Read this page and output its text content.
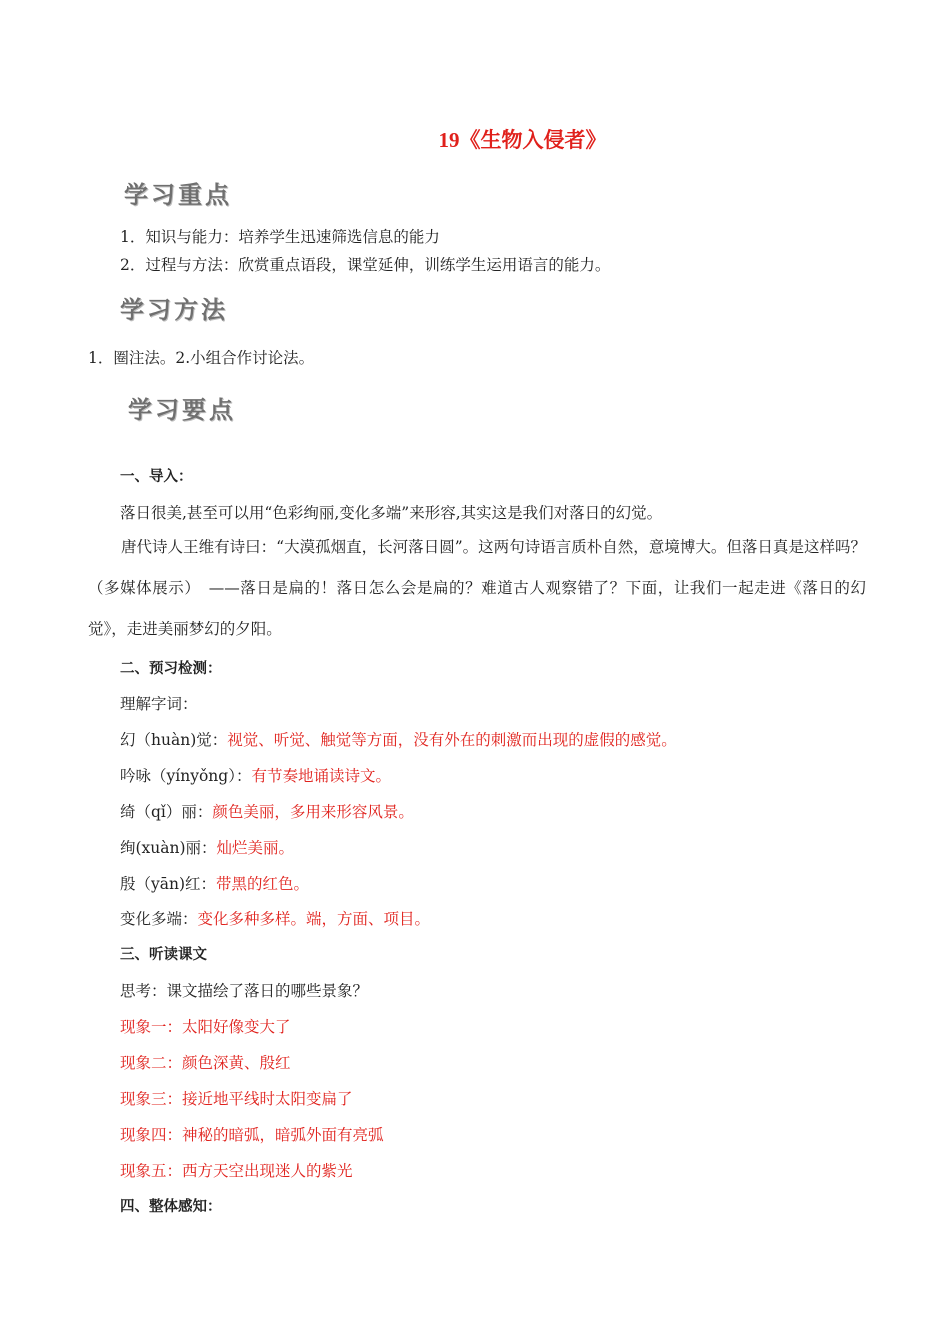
19《生物入侵者》
学习重点
1．知识与能力：培养学生迅速筛选信息的能力
2．过程与方法：欣赏重点语段，课堂延伸，训练学生运用语言的能力。
学习方法
1．圈注法。2.小组合作讨论法。
学习要点
一、导入：
落日很美,甚至可以用“色彩绚丽,变化多端”来形容,其实这是我们对落日的幻觉。
唐代诗人王维有诗曰：“大漠孤烟直，长河落日圆”。这两句诗语言质朴自然，意境博大。但落日真是这样吗？（多媒体展示）　——落日是扁的！落日怎么会是扁的？难道古人观察错了？下面，让我们一起走进《落日的幻觉》，走进美丽梦幻的夕阳。
二、预习检测：
理解字词：
幻（huàn)觉：视觉、听觉、触觉等方面，没有外在的刺激而出现的虚假的感觉。
吟咏（yínyǒng）：有节奏地诵读诗文。
绮（qǐ）丽：颜色美丽，多用来形容风景。
绚(xuàn)丽：灿烂美丽。
殷（yān)红：带黑的红色。
变化多端：变化多种多样。端，方面、项目。
三、听读课文
思考：课文描绘了落日的哪些景象？
现象一：太阳好像变大了
现象二：颜色深黄、殷红
现象三：接近地平线时太阳变扁了
现象四：神秘的暗弧，暗弧外面有亮弧
现象五：西方天空出现迷人的紫光
四、整体感知：
